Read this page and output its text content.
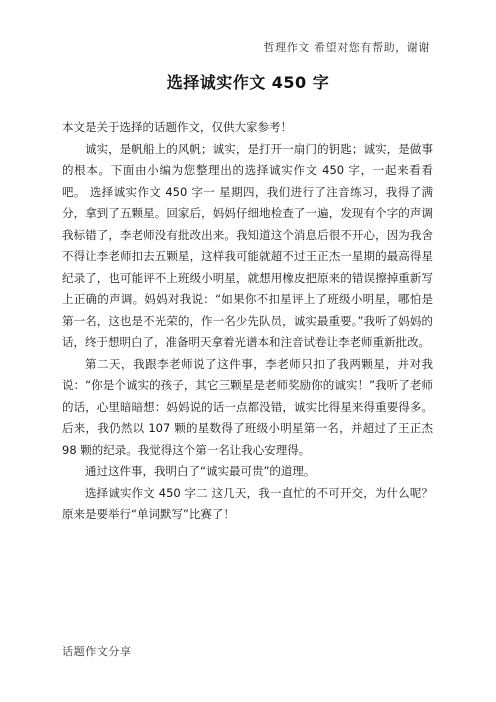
哲理作文 希望对您有帮助，谢谢
选择诚实作文 450 字

本文是关于选择的话题作文，仅供大家参考！

诚实，是帆船上的风帆；诚实，是打开一扇门的钥匙；诚实，是做事的根本。下面由小编为您整理出的选择诚实作文 450 字，一起来看看吧。 选择诚实作文 450 字一 星期四，我们进行了注音练习，我得了满分，拿到了五颗星。回家后，妈妈仔细地检查了一遍，发现有个字的声调我标错了，李老师没有批改出来。我知道这个消息后很不开心，因为我舍不得让李老师扣去五颗星，这样我可能就超不过王正杰一星期的最高得星纪录了，也可能评不上班级小明星，就想用橡皮把原来的错误擦掉重新写上正确的声调。妈妈对我说：“如果你不扣星评上了班级小明星，哪怕是第一名，这也是不光荣的，作一名少先队员，诚实最重要。”我听了妈妈的话，终于想明白了，准备明天拿着光谱本和注音试卷让李老师重新批改。

第二天，我跟李老师说了这件事，李老师只扣了我两颗星，并对我说：“你是个诚实的孩子，其它三颗星是老师奖励你的诚实！”我听了老师的话，心里暗暗想：妈妈说的话一点都没错，诚实比得星来得重要得多。后来，我仍然以 107 颗的星数得了班级小明星第一名，并超过了王正杰 98 颗的纪录。我觉得这个第一名让我心安理得。

通过这件事，我明白了“诚实最可贵”的道理。

选择诚实作文 450 字二 这几天，我一直忙的不可开交，为什么呢？原来是要举行“单词默写”比赛了！

话题作文分享
